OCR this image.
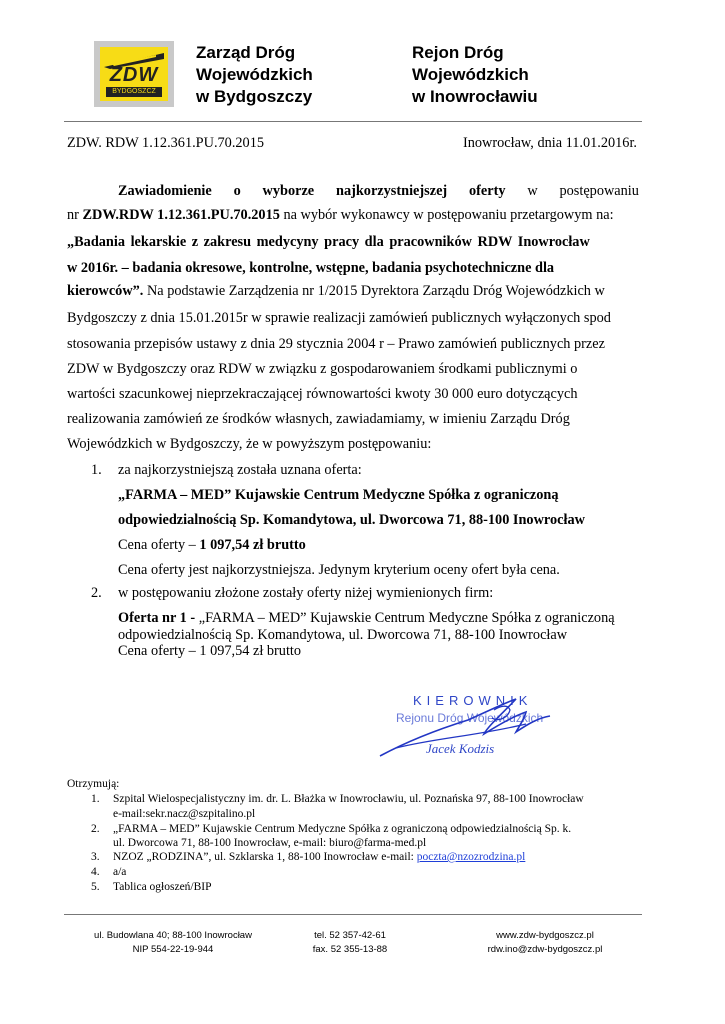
ZDW
BYDGOSZCZ
Zarząd Dróg
Wojewódzkich
w Bydgoszczy
Rejon Dróg
Wojewódzkich
w Inowrocławiu
ZDW. RDW 1.12.361.PU.70.2015	Inowrocław, dnia 11.01.2016r.
Zawiadomienie o wyborze najkorzystniejszej oferty w postępowaniu
nr ZDW.RDW 1.12.361.PU.70.2015 na wybór wykonawcy w postępowaniu przetargowym na:
„Badania lekarskie z zakresu medycyny pracy dla pracowników RDW Inowrocław
w 2016r. – badania okresowe, kontrolne, wstępne, badania psychotechniczne dla
kierowców”. Na podstawie Zarządzenia nr 1/2015 Dyrektora Zarządu Dróg Wojewódzkich w
Bydgoszczy z dnia 15.01.2015r w sprawie realizacji zamówień publicznych wyłączonych spod
stosowania przepisów ustawy z dnia 29 stycznia 2004 r – Prawo zamówień publicznych przez
ZDW w Bydgoszczy oraz RDW w związku z gospodarowaniem środkami publicznymi o
wartości szacunkowej nieprzekraczającej równowartości kwoty 30 000 euro dotyczących
realizowania zamówień ze środków własnych, zawiadamiamy, w imieniu Zarządu Dróg
Wojewódzkich w Bydgoszczy, że w powyższym postępowaniu:
1. za najkorzystniejszą została uznana oferta:
„FARMA – MED” Kujawskie Centrum Medyczne Spółka z ograniczoną
odpowiedzialnością Sp. Komandytowa, ul. Dworcowa 71, 88-100 Inowrocław
Cena oferty – 1 097,54 zł brutto
Cena oferty jest najkorzystniejsza. Jedynym kryterium oceny ofert była cena.
2. w postępowaniu złożone zostały oferty niżej wymienionych firm:
Oferta nr 1 - „FARMA – MED” Kujawskie Centrum Medyczne Spółka z ograniczoną
odpowiedzialnością Sp. Komandytowa, ul. Dworcowa 71, 88-100 Inowrocław
Cena oferty – 1 097,54 zł brutto
KIEROWNIK
Rejonu Dróg Wojewódzkich
Jacek Kodzis
Otrzymują:
1. Szpital Wielospecjalistyczny im. dr. L. Błażka w Inowrocławiu, ul. Poznańska 97, 88-100 Inowrocław
e-mail:sekr.nacz@szpitalino.pl
2. „FARMA – MED” Kujawskie Centrum Medyczne Spółka z ograniczoną odpowiedzialnością Sp. k.
ul. Dworcowa 71, 88-100 Inowrocław, e-mail: biuro@farma-med.pl
3. NZOZ „RODZINA”, ul. Szklarska 1, 88-100 Inowrocław e-mail: poczta@nzozrodzina.pl
4. a/a
5. Tablica ogłoszeń/BIP
ul. Budowlana 40; 88-100 Inowrocław
NIP 554-22-19-944
tel. 52 357-42-61
fax. 52 355-13-88
www.zdw-bydgoszcz.pl
rdw.ino@zdw-bydgoszcz.pl
